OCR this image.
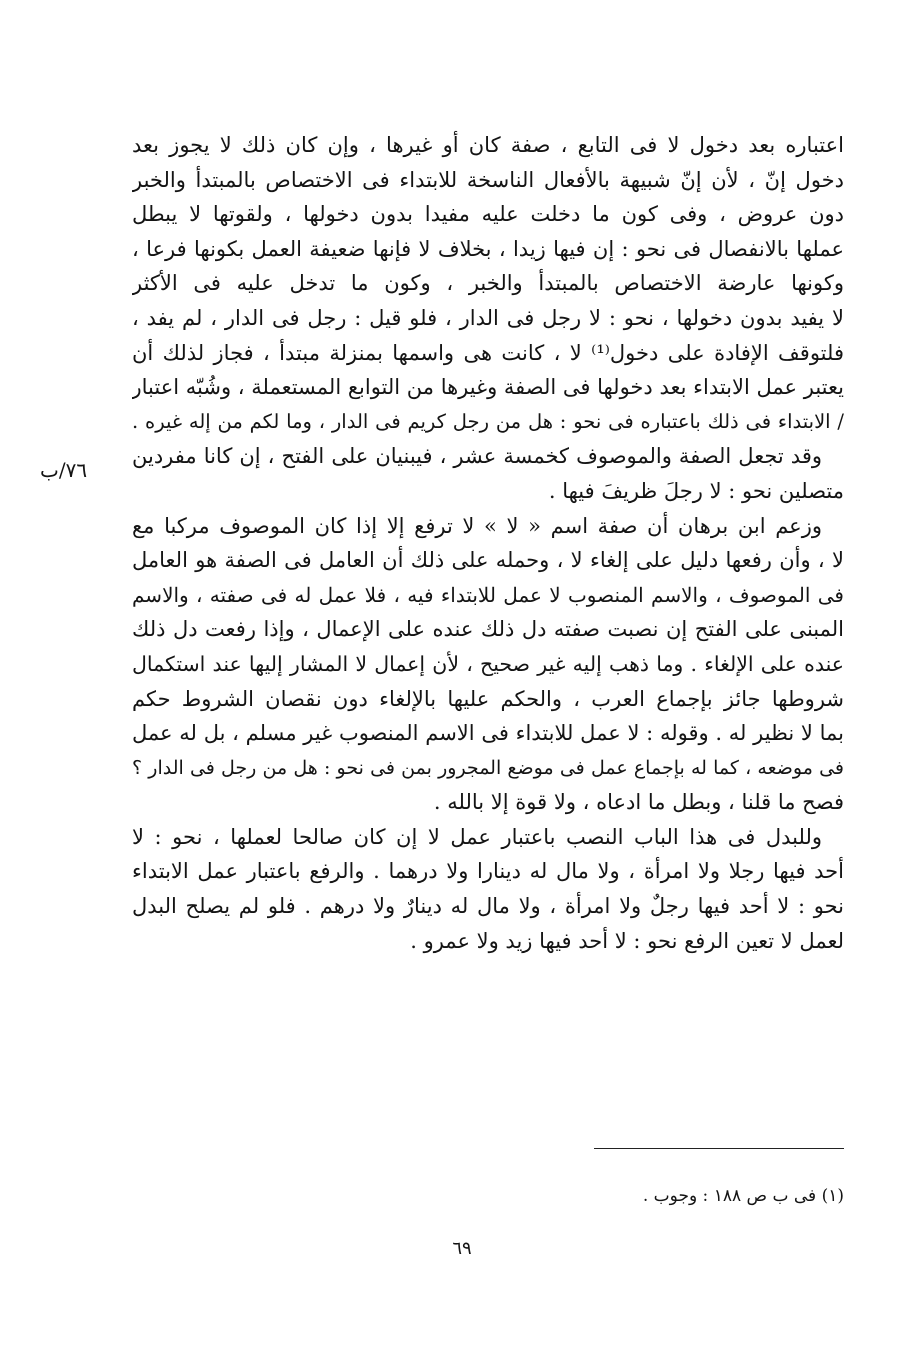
اعتباره بعد دخول لا فى التابع ، صفة كان أو غيرها ، وإن كان ذلك لا يجوز بعد
دخول إنّ ، لأن إنّ شبيهة بالأفعال الناسخة للابتداء فى الاختصاص بالمبتدأ والخبر
دون عروض ، وفى كون ما دخلت عليه مفيدا بدون دخولها ، ولقوتها لا يبطل
عملها بالانفصال فى نحو : إن فيها زيدا ، بخلاف لا فإنها ضعيفة العمل بكونها فرعا ،
وكونها عارضة الاختصاص بالمبتدأ والخبر ، وكون ما تدخل عليه فى الأكثر
لا يفيد بدون دخولها ، نحو : لا رجل فى الدار ، فلو قيل : رجل فى الدار ، لم يفد ،
فلتوقف الإفادة على دخول⁽¹⁾ لا ، كانت هى واسمها بمنزلة مبتدأ ، فجاز لذلك أن
يعتبر عمل الابتداء بعد دخولها فى الصفة وغيرها من التوابع المستعملة ، وشُبّه اعتبار
/ الابتداء فى ذلك باعتباره فى نحو : هل من رجل كريم فى الدار ، وما لكم من إله غيره .
وقد تجعل الصفة والموصوف كخمسة عشر ، فيبنيان على الفتح ، إن كانا مفردين
متصلين نحو : لا رجلَ ظريفَ فيها .
وزعم ابن برهان أن صفة اسم « لا » لا ترفع إلا إذا كان الموصوف مركبا مع
لا ، وأن رفعها دليل على إلغاء لا ، وحمله على ذلك أن العامل فى الصفة هو العامل
فى الموصوف ، والاسم المنصوب لا عمل للابتداء فيه ، فلا عمل له فى صفته ، والاسم
المبنى على الفتح إن نصبت صفته دل ذلك عنده على الإعمال ، وإذا رفعت دل ذلك
عنده على الإلغاء . وما ذهب إليه غير صحيح ، لأن إعمال لا المشار إليها عند استكمال
شروطها جائز بإجماع العرب ، والحكم عليها بالإلغاء دون نقصان الشروط حكم
بما لا نظير له . وقوله : لا عمل للابتداء فى الاسم المنصوب غير مسلم ، بل له عمل
فى موضعه ، كما له بإجماع عمل فى موضع المجرور بمن فى نحو : هل من رجل فى الدار ؟
فصح ما قلنا ، وبطل ما ادعاه ، ولا قوة إلا بالله .
وللبدل فى هذا الباب النصب باعتبار عمل لا إن كان صالحا لعملها ، نحو : لا
أحد فيها رجلا ولا امرأة ، ولا مال له دينارا ولا درهما . والرفع باعتبار عمل الابتداء
نحو : لا أحد فيها رجلٌ ولا امرأة ، ولا مال له دينارٌ ولا درهم . فلو لم يصلح البدل
لعمل لا تعين الرفع نحو : لا أحد فيها زيد ولا عمرو .
٧٦/ب
(١) فى ب ص ١٨٨ : وجوب .
٦٩
